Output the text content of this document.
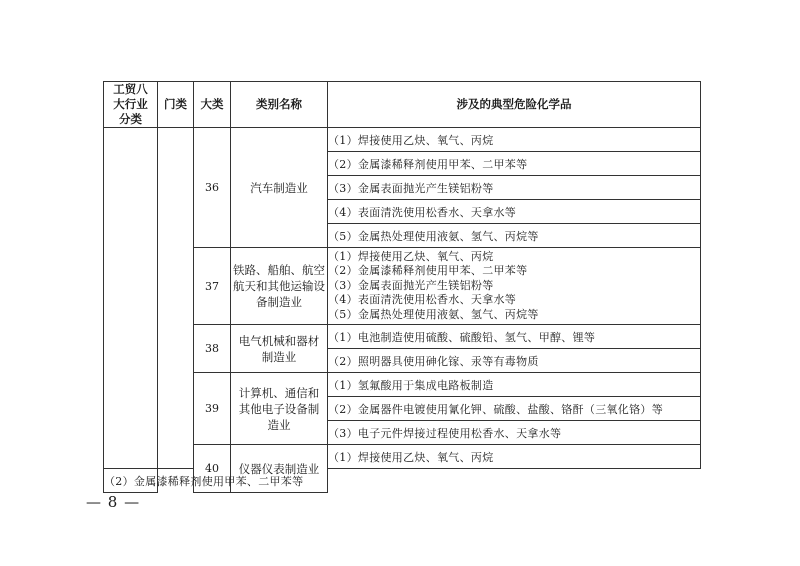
工贸八大行业分类	门类	大类	类别名称	涉及的典型危险化学品
		36	汽车制造业	（1）焊接使用乙炔、氧气、丙烷
				（2）金属漆稀释剂使用甲苯、二甲苯等
				（3）金属表面抛光产生镁铝粉等
				（4）表面清洗使用松香水、天拿水等
				（5）金属热处理使用液氨、氢气、丙烷等
		37	铁路、船舶、航空航天和其他运输设备制造业	（1）焊接使用乙炔、氧气、丙烷
（2）金属漆稀释剂使用甲苯、二甲苯等
（3）金属表面抛光产生镁铝粉等
（4）表面清洗使用松香水、天拿水等
（5）金属热处理使用液氨、氢气、丙烷等

		38	电气机械和器材制造业	（1）电池制造使用硫酸、硫酸铅、氢气、甲醇、锂等
				（2）照明器具使用砷化镓、汞等有毒物质
		39	计算机、通信和其他电子设备制造业	（1）氢氟酸用于集成电路板制造
				（2）金属器件电镀使用氰化钾、硫酸、盐酸、铬酐（三氧化铬）等
				（3）电子元件焊接过程使用松香水、天拿水等
		40	仪器仪表制造业	（1）焊接使用乙炔、氧气、丙烷
（2）金属漆稀释剂使用甲苯、二甲苯等				
— 8 —
